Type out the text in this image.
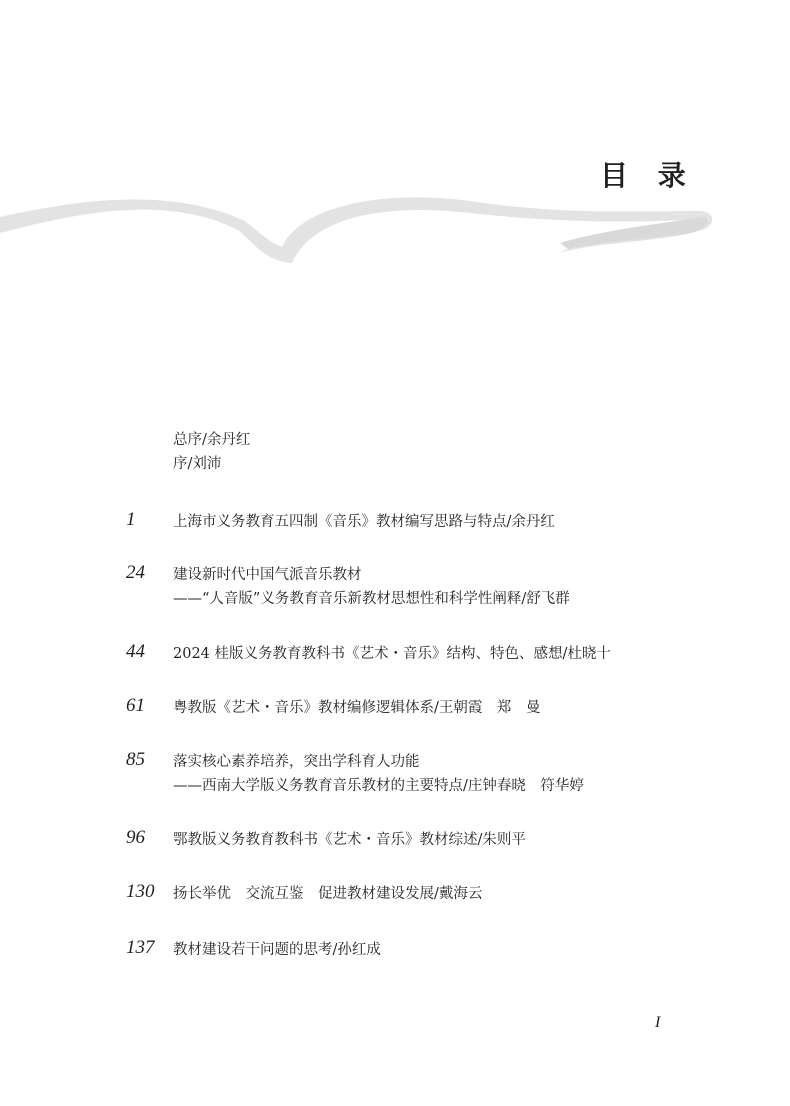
目 录
总序/余丹红
序/刘沛
1	上海市义务教育五四制《音乐》教材编写思路与特点/余丹红
24 建设新时代中国气派音乐教材
——“人音版”义务教育音乐新教材思想性和科学性阐释/舒飞群
44 2024 桂版义务教育教科书《艺术・音乐》结构、特色、感想/杜晓十
61 粤教版《艺术・音乐》教材编修逻辑体系/王朝霞　郑　曼
85 落实核心素养培养，突出学科育人功能
——西南大学版义务教育音乐教材的主要特点/庄钟春晓　符华婷
96 鄂教版义务教育教科书《艺术・音乐》教材综述/朱则平
130 扬长举优　交流互鉴　促进教材建设发展/戴海云
137 教材建设若干问题的思考/孙红成
I
